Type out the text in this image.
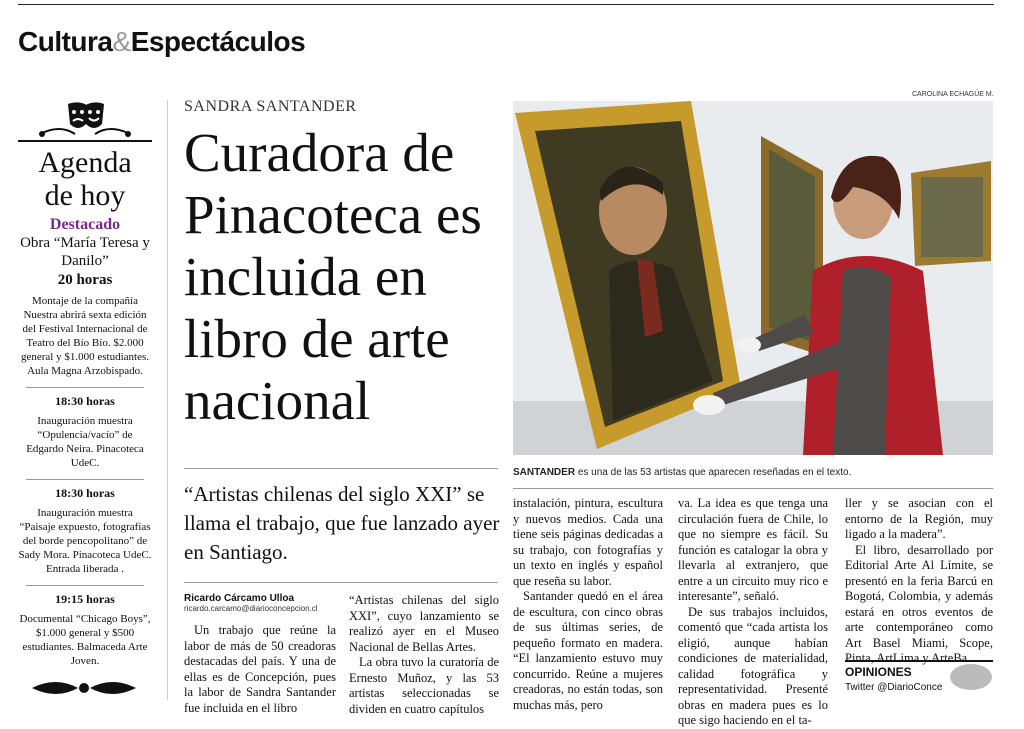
Cultura&Espectáculos
Agenda
de hoy
Destacado
Obra “María Teresa y Danilo”
20 horas
Montaje de la compañía Nuestra abrirá sexta edición del Festival Internacional de Teatro del Bío Bío. $2.000 general y $1.000 estudiantes. Aula Magna Arzobispado.
18:30 horas
Inauguración muestra “Opulencia/vacío” de Edgardo Neira. Pinacoteca UdeC.
18:30 horas
Inauguración muestra “Paisaje expuesto, fotografías del borde pencopolitano” de Sady Mora. Pinacoteca UdeC. Entrada liberada .
19:15 horas
Documental “Chicago Boys”, $1.000 general y $500 estudiantes. Balmaceda Arte Joven.
SANDRA SANTANDER
Curadora de Pinacoteca es incluida en libro de arte nacional
“Artistas chilenas del siglo XXI” se llama el trabajo, que fue lanzado ayer en Santiago.
Ricardo Cárcamo Ulloa
ricardo.carcamo@diarioconcepcion.cl

Un trabajo que reúne la labor de más de 50 creadoras destacadas del país. Y una de ellas es de Concepción, pues la labor de Sandra Santander fue incluida en el libro

“Artistas chilenas del siglo XXI”, cuyo lanzamiento se realizó ayer en el Museo Nacional de Bellas Artes.

La obra tuvo la curatoría de Ernesto Muñoz, y las 53 artistas seleccionadas se dividen en cuatro capítulos

CAROLINA ECHAGÜE M.
SANTANDER es una de las 53 artistas que aparecen reseñadas en el texto.

instalación, pintura, escultura y nuevos medios. Cada una tiene seis páginas dedicadas a su trabajo, con fotografías y un texto en inglés y español que reseña su labor.

Santander quedó en el área de escultura, con cinco obras de sus últimas series, de pequeño formato en madera. “El lanzamiento estuvo muy concurrido. Reúne a mujeres creadoras, no están todas, son muchas más, pero

va. La idea es que tenga una circulación fuera de Chile, lo que no siempre es fácil. Su función es catalogar la obra y llevarla al extranjero, que entre a un circuito muy rico e interesante”, señaló.

De sus trabajos incluidos, comentó que “cada artista los eligió, aunque habían condiciones de materialidad, calidad fotográfica y representatividad. Presenté obras en madera pues es lo que sigo haciendo en el ta-

ller y se asocian con el entorno de la Región, muy ligado a la madera”.

El libro, desarrollado por Editorial Arte Al Límite, se presentó en la feria Barcú en Bogotá, Colombia, y además estará en otros eventos de arte contemporáneo como Art Basel Miami, Scope, Pinta, ArtLima y ArteBa.

OPINIONES
Twitter @DiarioConce
